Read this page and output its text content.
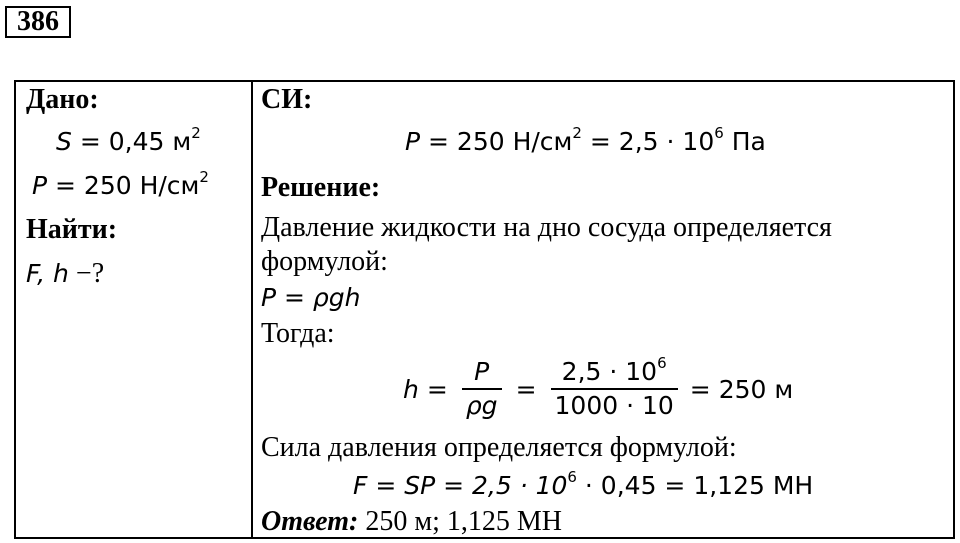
386
Дано:
S = 0,45 $м^2$
P = 250 $Н/см^2$
Найти:
F, h −?
СИ:
P = 250 $Н/см^2 = 2,5 \cdot 10^6$ Па
Решение:
Давление жидкости на дно сосуда определяется
формулой:
P = ρgh
Тогда:
$h = \frac{P}{\rho g} = \frac{2,5 \cdot 10^6}{1000 \cdot 10} = 250$ м
Сила давления определяется формулой:
F = SP = $2,5 \cdot 10^6 \cdot 0,45 = 1,125$ МН
Ответ: 250 м; 1,125 МН
